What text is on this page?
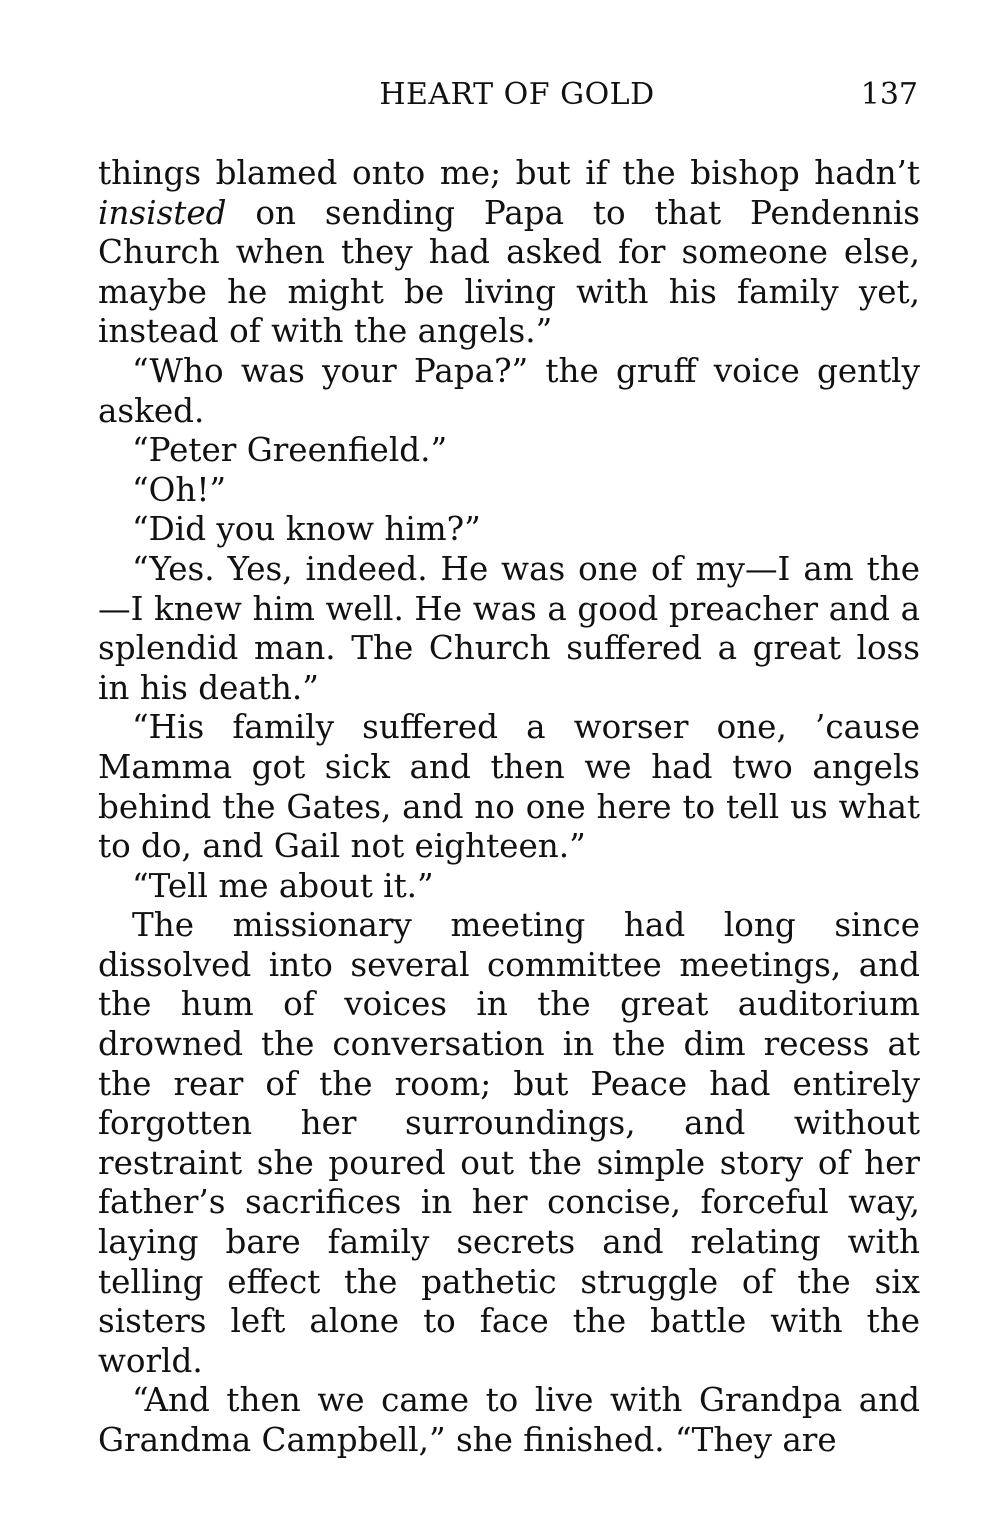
HEART OF GOLD	137

things blamed onto me; but if the bishop hadn’t insisted on sending Papa to that Pendennis Church when they had asked for someone else, maybe he might be living with his family yet, instead of with the angels.”

“Who was your Papa?” the gruff voice gently asked.

“Peter Greenfield.”

“Oh!”

“Did you know him?”

“Yes. Yes, indeed. He was one of my—I am the—I knew him well. He was a good preacher and a splendid man. The Church suffered a great loss in his death.”

“His family suffered a worser one, ’cause Mamma got sick and then we had two angels behind the Gates, and no one here to tell us what to do, and Gail not eighteen.”

“Tell me about it.”

The missionary meeting had long since dissolved into several committee meetings, and the hum of voices in the great auditorium drowned the conversation in the dim recess at the rear of the room; but Peace had entirely forgotten her surroundings, and without restraint she poured out the simple story of her father’s sacrifices in her concise, forceful way, laying bare family secrets and relating with telling effect the pathetic struggle of the six sisters left alone to face the battle with the world.

“And then we came to live with Grandpa and Grandma Campbell,” she finished. “They are
